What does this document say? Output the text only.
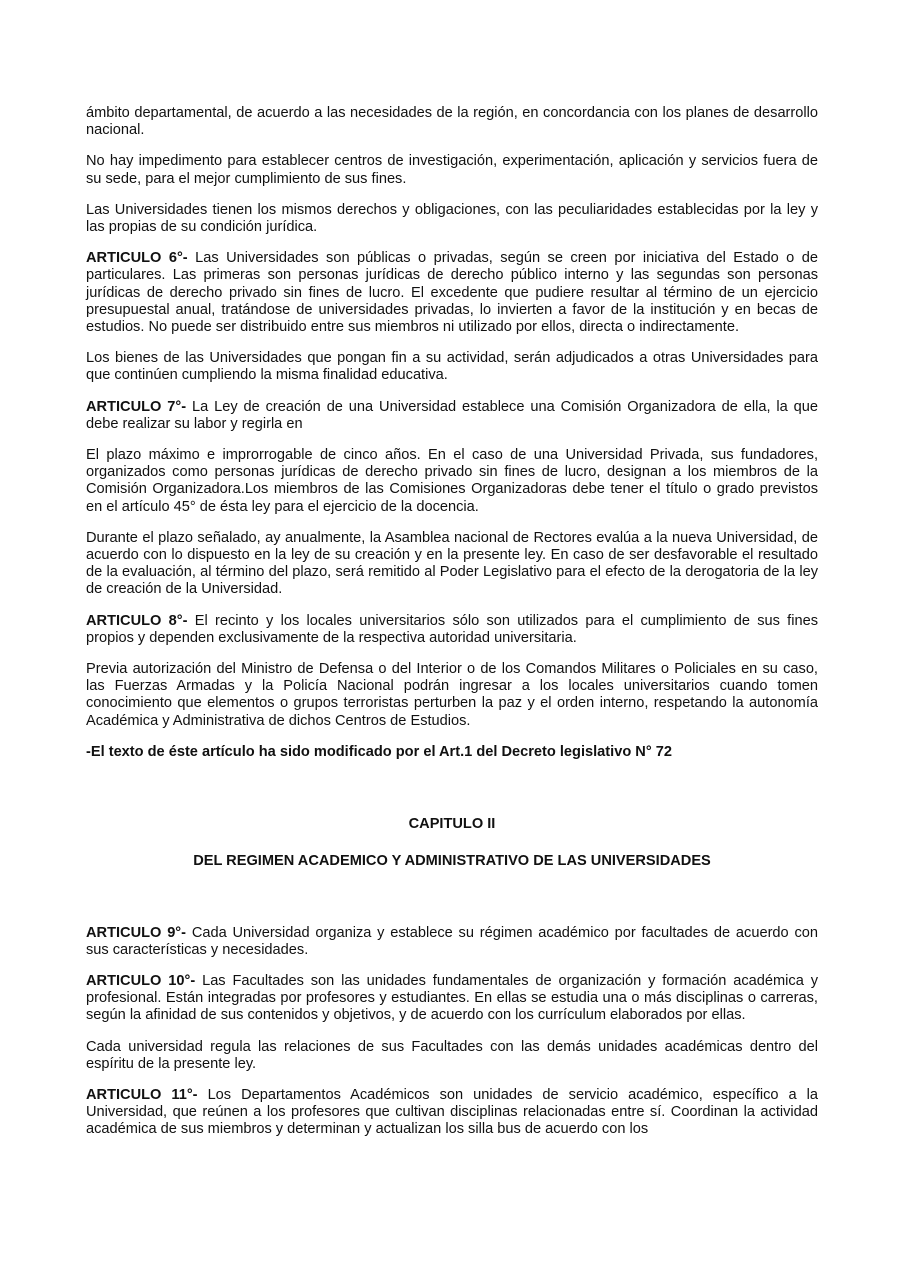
ámbito departamental, de acuerdo a las necesidades de la región, en concordancia con los planes de desarrollo nacional.

No hay impedimento para establecer centros de investigación, experimentación, aplicación y servicios fuera de su sede, para el mejor cumplimiento de sus fines.

Las Universidades tienen los mismos derechos y obligaciones, con las peculiaridades establecidas por la ley y las propias de su condición jurídica.

ARTICULO 6°- Las Universidades son públicas o privadas, según se creen por iniciativa del Estado o de particulares. Las primeras son personas jurídicas de derecho público interno y las segundas son personas jurídicas de derecho privado sin fines de lucro. El excedente que pudiere resultar al término de un ejercicio presupuestal anual, tratándose de universidades privadas, lo invierten a favor de la institución y en becas de estudios. No puede ser distribuido entre sus miembros ni utilizado por ellos, directa o indirectamente.

Los bienes de las Universidades que pongan fin a su actividad, serán adjudicados a otras Universidades para que continúen cumpliendo la misma finalidad educativa.

ARTICULO 7°- La Ley de creación de una Universidad establece una Comisión Organizadora de ella, la que debe realizar su labor y regirla en

El plazo máximo e improrrogable de cinco años. En el caso de una Universidad Privada, sus fundadores, organizados como personas jurídicas de derecho privado sin fines de lucro, designan a los miembros de la Comisión Organizadora.Los miembros de las Comisiones Organizadoras debe tener el título o grado previstos en el artículo 45° de ésta ley para el ejercicio de la docencia.

Durante el plazo señalado, ay anualmente, la Asamblea nacional de Rectores evalúa a la nueva Universidad, de acuerdo con lo dispuesto en la ley de su creación y en la presente ley. En caso de ser desfavorable el resultado de la evaluación, al término del plazo, será remitido al Poder Legislativo para el efecto de la derogatoria de la ley de creación de la Universidad.

ARTICULO 8°- El recinto y los locales universitarios sólo son utilizados para el cumplimiento de sus fines propios y dependen exclusivamente de la respectiva autoridad universitaria.

Previa autorización del Ministro de Defensa o del Interior o de los Comandos Militares o Policiales en su caso, las Fuerzas Armadas y la Policía Nacional podrán ingresar a los locales universitarios cuando tomen conocimiento que elementos o grupos terroristas perturben la paz y el orden interno, respetando la autonomía Académica y Administrativa de dichos Centros de Estudios.

-El texto de éste artículo ha sido modificado por el Art.1 del Decreto legislativo N° 72

CAPITULO II

DEL REGIMEN ACADEMICO Y ADMINISTRATIVO DE LAS UNIVERSIDADES

ARTICULO 9°- Cada Universidad organiza y establece su régimen académico por facultades de acuerdo con sus características y necesidades.

ARTICULO 10°- Las Facultades son las unidades fundamentales de organización y formación académica y profesional. Están integradas por profesores y estudiantes. En ellas se estudia una o más disciplinas o carreras, según la afinidad de sus contenidos y objetivos, y de acuerdo con los currículum elaborados por ellas.

Cada universidad regula las relaciones de sus Facultades con las demás unidades académicas dentro del espíritu de la presente ley.

ARTICULO 11°- Los Departamentos Académicos son unidades de servicio académico, específico a la Universidad, que reúnen a los profesores que cultivan disciplinas relacionadas entre sí. Coordinan la actividad académica de sus miembros y determinan y actualizan los silla bus de acuerdo con los
